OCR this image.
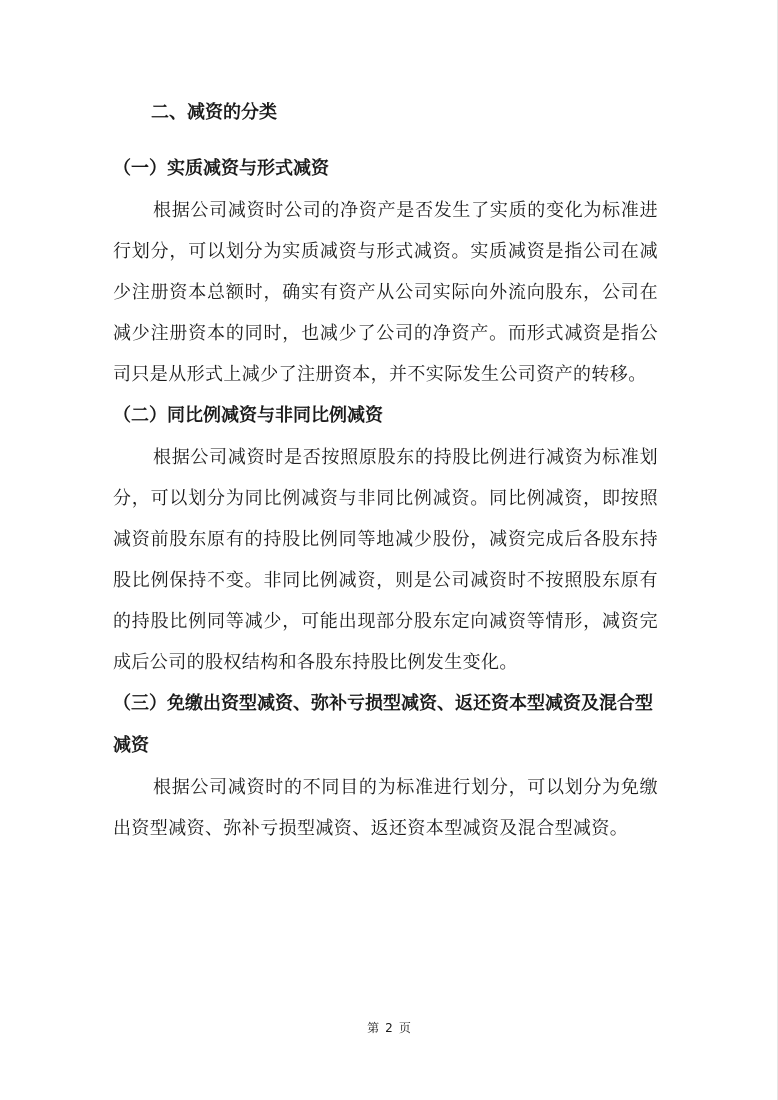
二、减资的分类
（一）实质减资与形式减资

根据公司减资时公司的净资产是否发生了实质的变化为标准进行划分，可以划分为实质减资与形式减资。实质减资是指公司在减少注册资本总额时，确实有资产从公司实际向外流向股东，公司在减少注册资本的同时，也减少了公司的净资产。而形式减资是指公司只是从形式上减少了注册资本，并不实际发生公司资产的转移。

（二）同比例减资与非同比例减资

根据公司减资时是否按照原股东的持股比例进行减资为标准划分，可以划分为同比例减资与非同比例减资。同比例减资，即按照减资前股东原有的持股比例同等地减少股份，减资完成后各股东持股比例保持不变。非同比例减资，则是公司减资时不按照股东原有的持股比例同等减少，可能出现部分股东定向减资等情形，减资完成后公司的股权结构和各股东持股比例发生变化。

（三）免缴出资型减资、弥补亏损型减资、返还资本型减资及混合型减资

根据公司减资时的不同目的为标准进行划分，可以划分为免缴出资型减资、弥补亏损型减资、返还资本型减资及混合型减资。

第 2 页
